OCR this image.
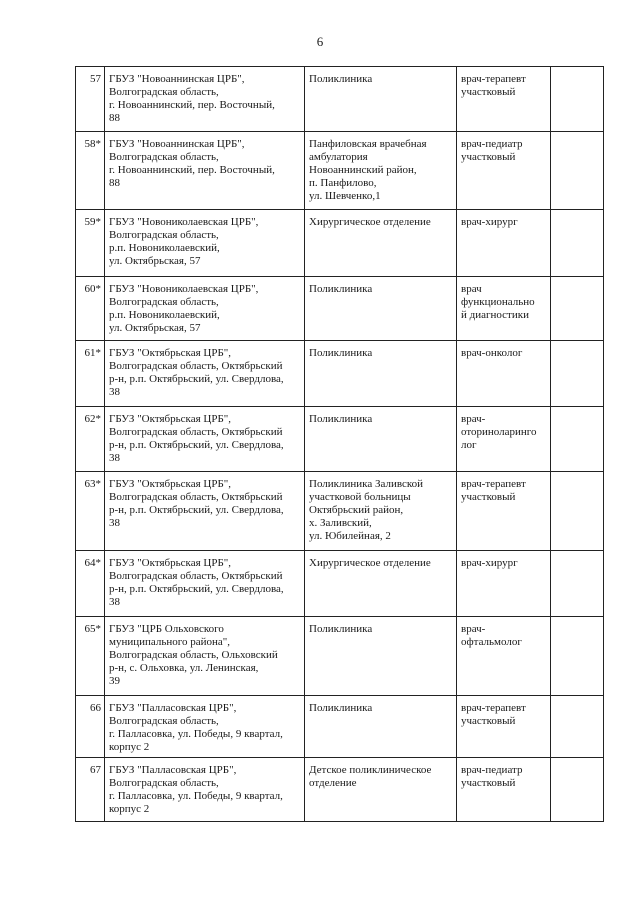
6
57	ГБУЗ "Новоаннинская ЦРБ",
Волгоградская область,
г. Новоаннинский, пер. Восточный,
88	Поликлиника	врач-терапевт
участковый	
58*	ГБУЗ "Новоаннинская ЦРБ",
Волгоградская область,
г. Новоаннинский, пер. Восточный,
88	Панфиловская врачебная
амбулатория
Новоаннинский район,
п. Панфилово,
ул. Шевченко,1	врач-педиатр
участковый	
59*	ГБУЗ "Новониколаевская ЦРБ",
Волгоградская область,
р.п. Новониколаевский,
ул. Октябрьская, 57	Хирургическое отделение	врач-хирург	
60*	ГБУЗ "Новониколаевская ЦРБ",
Волгоградская область,
р.п. Новониколаевский,
ул. Октябрьская, 57	Поликлиника	врач
функционально
й диагностики	
61*	ГБУЗ "Октябрьская ЦРБ",
Волгоградская область, Октябрьский
р-н, р.п. Октябрьский, ул. Свердлова,
38	Поликлиника	врач-онколог	
62*	ГБУЗ "Октябрьская ЦРБ",
Волгоградская область, Октябрьский
р-н, р.п. Октябрьский, ул. Свердлова,
38	Поликлиника	врач-
оториноларинго
лог	
63*	ГБУЗ "Октябрьская ЦРБ",
Волгоградская область, Октябрьский
р-н, р.п. Октябрьский, ул. Свердлова,
38	Поликлиника Заливской
участковой больницы
Октябрьский район,
х. Заливский,
ул. Юбилейная, 2	врач-терапевт
участковый	
64*	ГБУЗ "Октябрьская ЦРБ",
Волгоградская область, Октябрьский
р-н, р.п. Октябрьский, ул. Свердлова,
38	Хирургическое отделение	врач-хирург	
65*	ГБУЗ "ЦРБ Ольховского
муниципального района",
Волгоградская область, Ольховский
р-н, с. Ольховка, ул. Ленинская,
39	Поликлиника	врач-
офтальмолог	
66	ГБУЗ "Палласовская ЦРБ",
Волгоградская область,
г. Палласовка, ул. Победы, 9 квартал,
корпус 2	Поликлиника	врач-терапевт
участковый	
67	ГБУЗ "Палласовская ЦРБ",
Волгоградская область,
г. Палласовка, ул. Победы, 9 квартал,
корпус 2	Детское поликлиническое
отделение	врач-педиатр
участковый	
